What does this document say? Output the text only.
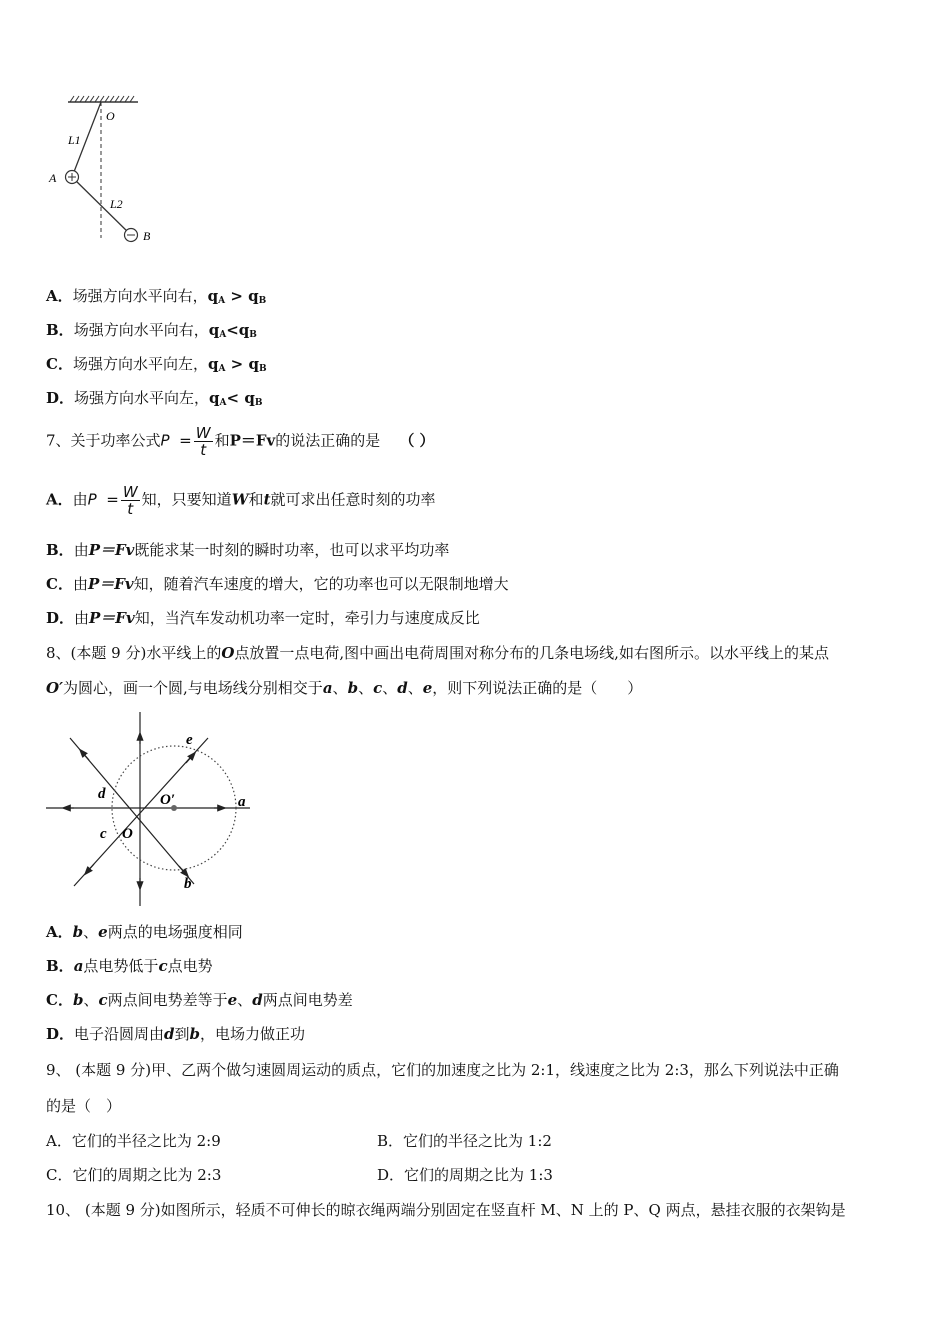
O
L1
A
L2
B
A．场强方向水平向右，$q_A > q_B$
B．场强方向水平向右，$q_A<q_B$
C．场强方向水平向左，$q_A > q_B$
D．场强方向水平向左，$q_A< q_B$
7、关于功率公式$P = \frac{W}{t}$ 和P＝Fv的说法正确的是 （ ）
A．由$P = \frac{W}{t}$ 知，只要知道W和t就可求出任意时刻的功率
B．由P＝Fv既能求某一时刻的瞬时功率，也可以求平均功率
C．由P＝Fv知，随着汽车速度的增大，它的功率也可以无限制地增大
D．由P＝Fv知，当汽车发动机功率一定时，牵引力与速度成反比
8、(本题 9 分)水平线上的O点放置一点电荷,图中画出电荷周围对称分布的几条电场线,如右图所示。以水平线上的某点
O′为圆心，画一个圆,与电场线分别相交于a、b、c、d、e，则下列说法正确的是（　　）
a
b
c
d
e
O
O′
A．b、e两点的电场强度相同
B．a点电势低于c点电势
C．b、c两点间电势差等于e、d两点间电势差
D．电子沿圆周由d到b，电场力做正功
9、 (本题 9 分)甲、乙两个做匀速圆周运动的质点，它们的加速度之比为 2:1，线速度之比为 2:3，那么下列说法中正确
的是（　）
A．它们的半径之比为 2:9	B．它们的半径之比为 1:2
C．它们的周期之比为 2:3	D．它们的周期之比为 1:3
10、 (本题 9 分)如图所示，轻质不可伸长的晾衣绳两端分别固定在竖直杆 M、N 上的 P、Q 两点，悬挂衣服的衣架钩是
